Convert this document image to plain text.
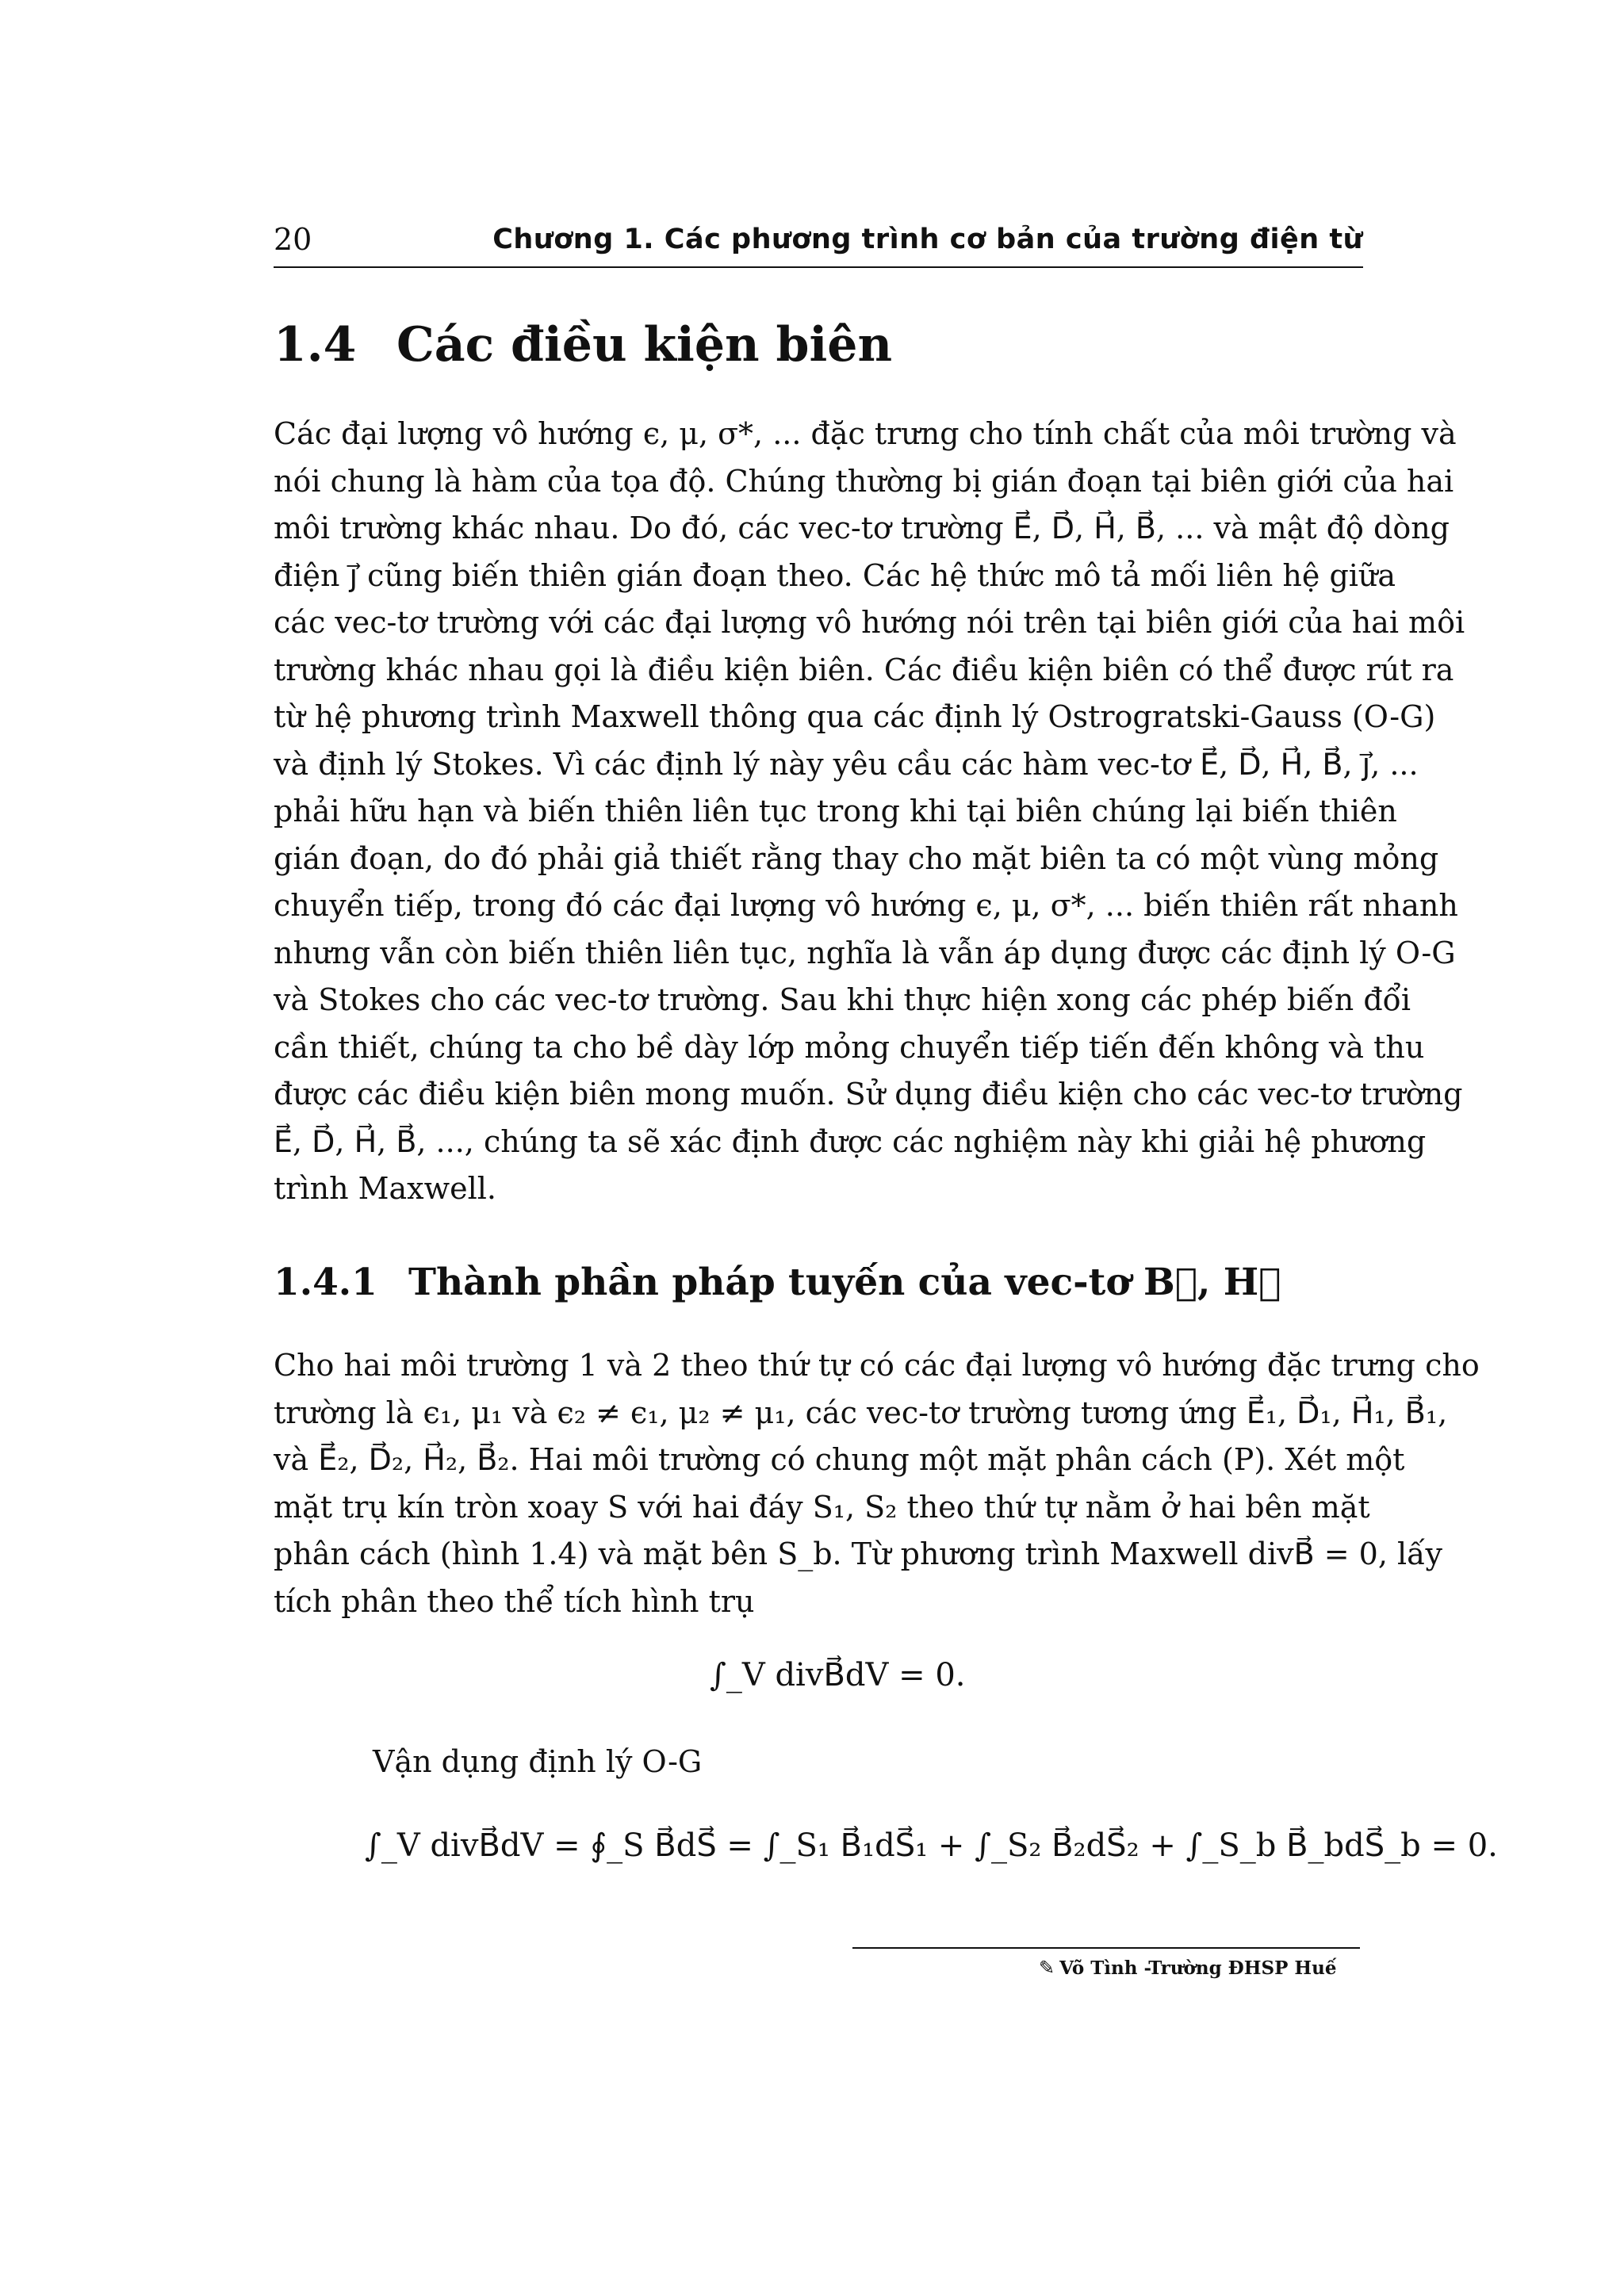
20	Chương 1. Các phương trình cơ bản của trường điện từ
1.4 Các điều kiện biên
Các đại lượng vô hướng ϵ, μ, σ*, ... đặc trưng cho tính chất của môi trường và
nói chung là hàm của tọa độ. Chúng thường bị gián đoạn tại biên giới của hai
môi trường khác nhau. Do đó, các vec-tơ trường E⃗, D⃗, H⃗, B⃗, ... và mật độ dòng
điện j⃗ cũng biến thiên gián đoạn theo. Các hệ thức mô tả mối liên hệ giữa
các vec-tơ trường với các đại lượng vô hướng nói trên tại biên giới của hai môi
trường khác nhau gọi là điều kiện biên. Các điều kiện biên có thể được rút ra
từ hệ phương trình Maxwell thông qua các định lý Ostrogratski-Gauss (O-G)
và định lý Stokes. Vì các định lý này yêu cầu các hàm vec-tơ E⃗, D⃗, H⃗, B⃗, j⃗, ...
phải hữu hạn và biến thiên liên tục trong khi tại biên chúng lại biến thiên
gián đoạn, do đó phải giả thiết rằng thay cho mặt biên ta có một vùng mỏng
chuyển tiếp, trong đó các đại lượng vô hướng ϵ, μ, σ*, ... biến thiên rất nhanh
nhưng vẫn còn biến thiên liên tục, nghĩa là vẫn áp dụng được các định lý O-G
và Stokes cho các vec-tơ trường. Sau khi thực hiện xong các phép biến đổi
cần thiết, chúng ta cho bề dày lớp mỏng chuyển tiếp tiến đến không và thu
được các điều kiện biên mong muốn. Sử dụng điều kiện cho các vec-tơ trường
E⃗, D⃗, H⃗, B⃗, ..., chúng ta sẽ xác định được các nghiệm này khi giải hệ phương
trình Maxwell.
1.4.1 Thành phần pháp tuyến của vec-tơ B⃗, H⃗
Cho hai môi trường 1 và 2 theo thứ tự có các đại lượng vô hướng đặc trưng cho
trường là ϵ₁, μ₁ và ϵ₂ ≠ ϵ₁, μ₂ ≠ μ₁, các vec-tơ trường tương ứng E⃗₁, D⃗₁, H⃗₁, B⃗₁,
và E⃗₂, D⃗₂, H⃗₂, B⃗₂. Hai môi trường có chung một mặt phân cách (P). Xét một
mặt trụ kín tròn xoay S với hai đáy S₁, S₂ theo thứ tự nằm ở hai bên mặt
phân cách (hình 1.4) và mặt bên S_b. Từ phương trình Maxwell divB⃗ = 0, lấy
tích phân theo thể tích hình trụ
∫_V divB⃗dV = 0.
Vận dụng định lý O-G
∫_V divB⃗dV = ∮_S B⃗dS⃗ = ∫_S₁ B⃗₁dS⃗₁ + ∫_S₂ B⃗₂dS⃗₂ + ∫_S_b B⃗_bdS⃗_b = 0.
✎ Võ Tình -Trường ĐHSP Huế
